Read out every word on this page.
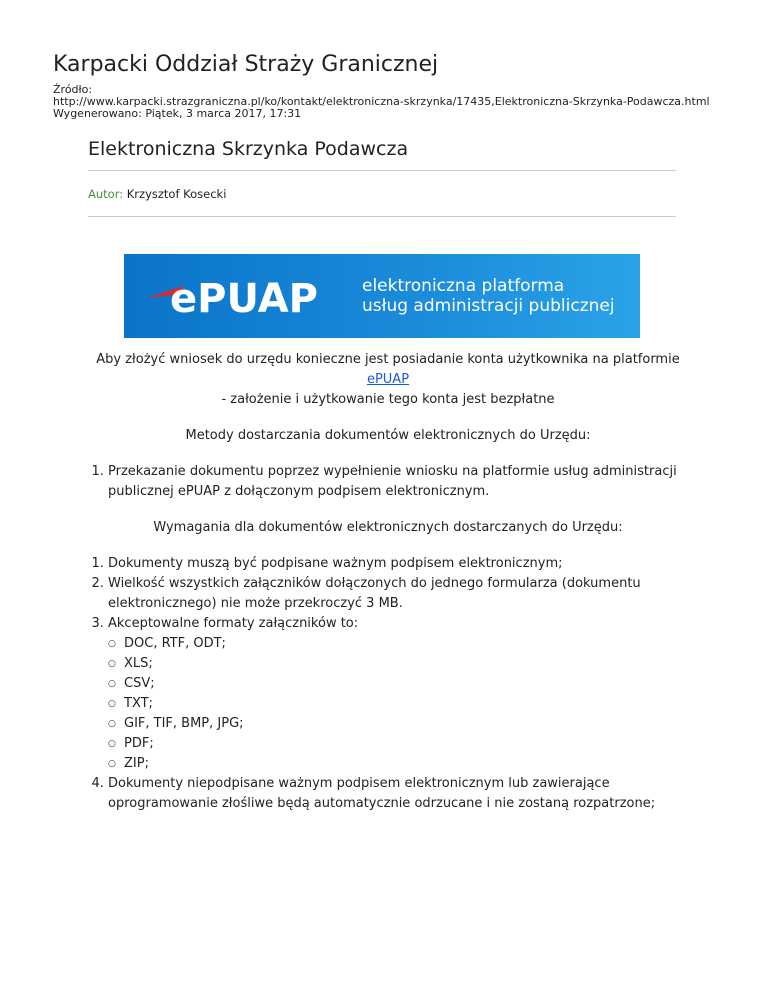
Karpacki Oddział Straży Granicznej
Źródło:
http://www.karpacki.strazgraniczna.pl/ko/kontakt/elektroniczna-skrzynka/17435,Elektroniczna-Skrzynka-Podawcza.html
Wygenerowano: Piątek, 3 marca 2017, 17:31
Elektroniczna Skrzynka Podawcza
Autor: Krzysztof Kosecki
ePUAP	elektroniczna platforma
usług administracji publicznej

Aby złożyć wniosek do urzędu konieczne jest posiadanie konta użytkownika na platformie
ePUAP
- założenie i użytkowanie tego konta jest bezpłatne

Metody dostarczania dokumentów elektronicznych do Urzędu:

1. Przekazanie dokumentu poprzez wypełnienie wniosku na platformie usług administracji publicznej ePUAP z dołączonym podpisem elektronicznym.

Wymagania dla dokumentów elektronicznych dostarczanych do Urzędu:

1. Dokumenty muszą być podpisane ważnym podpisem elektronicznym;
2. Wielkość wszystkich załączników dołączonych do jednego formularza (dokumentu elektronicznego) nie może przekroczyć 3 MB.
3. Akceptowalne formaty załączników to:
○ DOC, RTF, ODT;
○ XLS;
○ CSV;
○ TXT;
○ GIF, TIF, BMP, JPG;
○ PDF;
○ ZIP;
4. Dokumenty niepodpisane ważnym podpisem elektronicznym lub zawierające oprogramowanie złośliwe będą automatycznie odrzucane i nie zostaną rozpatrzone;
